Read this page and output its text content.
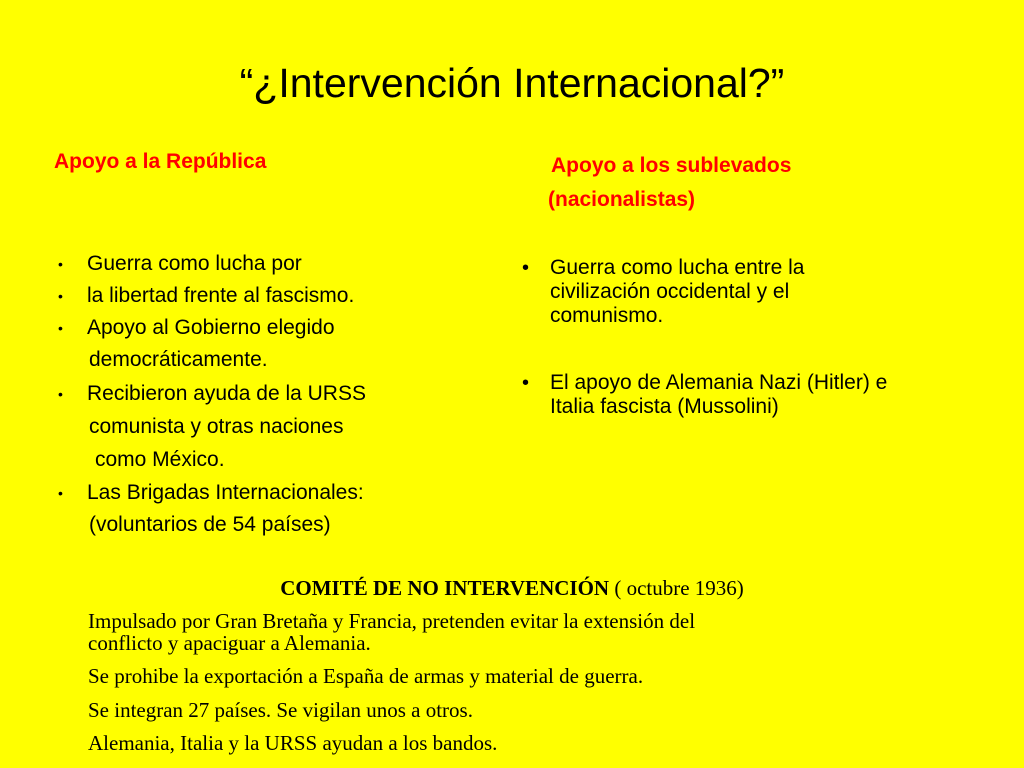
“¿Intervención Internacional?”
Apoyo a la República
• Guerra como lucha por
• la libertad frente al fascismo.
• Apoyo al Gobierno elegido
democráticamente.
• Recibieron ayuda de la URSS
comunista y otras naciones
como México.
• Las Brigadas Internacionales:
(voluntarios de 54 países)
Apoyo a los sublevados
(nacionalistas)
• Guerra como lucha entre la
civilización occidental y el
comunismo.
• El apoyo de Alemania Nazi (Hitler) e
Italia fascista (Mussolini)
COMITÉ DE NO INTERVENCIÓN ( octubre 1936)
Impulsado por Gran Bretaña y Francia, pretenden evitar la extensión del
conflicto y apaciguar a Alemania.
Se prohibe la exportación a España de armas y material de guerra.
Se integran 27 países. Se vigilan unos a otros.
Alemania, Italia y la URSS ayudan a los bandos.
